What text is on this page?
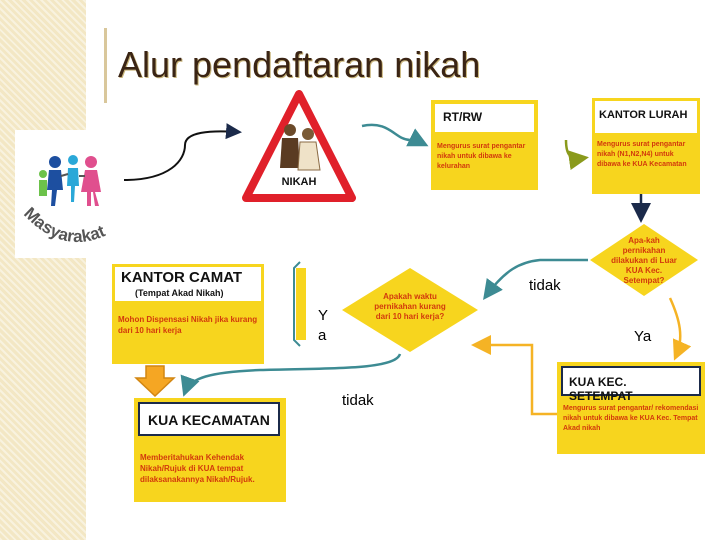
Alur pendaftaran nikah
Masyarakat
NIKAH
RT/RW
Mengurus surat pengantar nikah untuk dibawa ke kelurahan
KANTOR LURAH
Mengurus surat pengantar nikah (N1,N2,N4) untuk dibawa ke KUA Kecamatan
Apa-kah pernikahan dilakukan di Luar KUA Kec. Setempat?
Apakah waktu pernikahan kurang dari 10 hari kerja?
KANTOR CAMAT
(Tempat Akad Nikah)
Mohon Dispensasi Nikah jika kurang dari 10 hari kerja
KUA KECAMATAN
Memberitahukan Kehendak Nikah/Rujuk di KUA tempat dilaksanakannya Nikah/Rujuk.
KUA KEC. SETEMPAT
Mengurus surat pengantar/ rekomendasi nikah untuk dibawa ke KUA Kec. Tempat Akad nikah
tidak
Y
a	Ya
tidak
